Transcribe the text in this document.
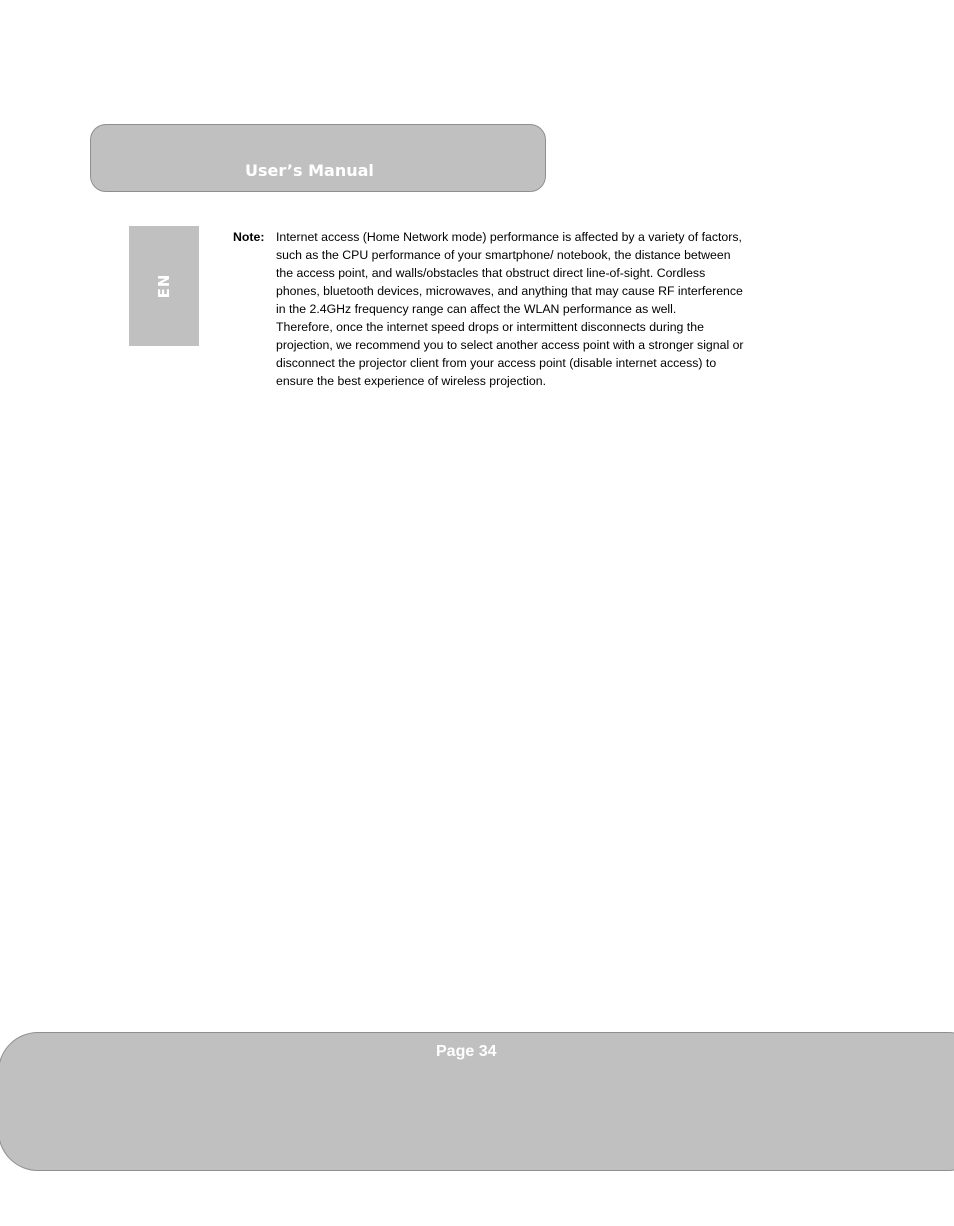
User’s Manual
EN
Note: Internet access (Home Network mode) performance is affected by a variety of factors, such as the CPU performance of your smartphone/ notebook, the distance between the access point, and walls/obstacles that obstruct direct line-of-sight. Cordless phones, bluetooth devices, microwaves, and anything that may cause RF interference in the 2.4GHz frequency range can affect the WLAN performance as well.

Therefore, once the internet speed drops or intermittent disconnects during the projection, we recommend you to select another access point with a stronger signal or disconnect the projector client from your access point (disable internet access) to ensure the best experience of wireless projection.

Page 34
